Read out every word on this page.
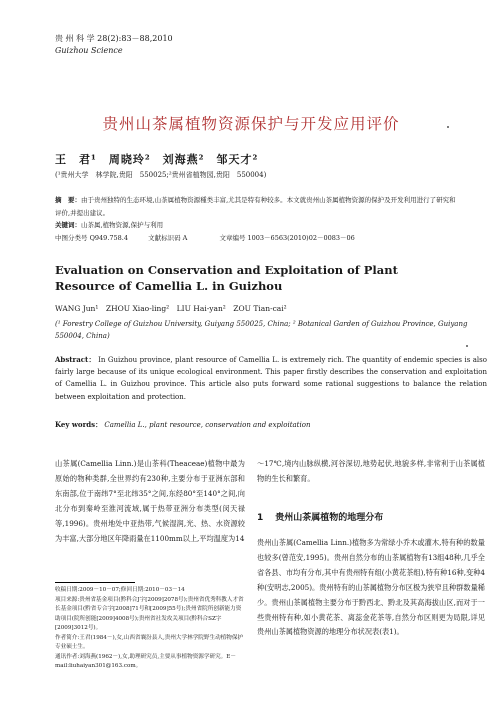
贵 州 科 学 28(2):83－88,2010
Guizhou Science
贵州山茶属植物资源保护与开发应用评价
王　君¹　周晓玲²　刘海燕²　邹天才²
(¹贵州大学　林学院,贵阳　550025;²贵州省植物园,贵阳　550004)
摘　要：由于贵州独特的生态环境,山茶属植物资源種类丰富,尤其是特有种较多。本文就贵州山茶属植物资源的保护及开发利用进行了研究和评价,并提出建议。
关键词：山茶属,植物资源,保护与利用
中图分类号 Q949.758.4	文献标识码 A	文章编号 1003－6563(2010)02－0083－06
Evaluation on Conservation and Exploitation of Plant Resource of Camellia L. in Guizhou
WANG Jun¹　ZHOU Xiao-ling²　LIU Hai-yan²　ZOU Tian-cai²
(¹ Forestry College of Guizhou University, Guiyang 550025, China; ² Botanical Garden of Guizhou Province, Guiyang 550004, China)
Abstract： In Guizhou province, plant resource of Camellia L. is extremely rich. The quantity of endemic species is also fairly large because of its unique ecological environment. This paper firstly describes the conservation and exploitation of Camellia L. in Guizhou province. This article also puts forward some rational suggestions to balance the relation between exploitation and protection.
Key words： Camellia L., plant resource, conservation and exploitation
山茶属(Camellia Linn.)是山茶科(Theaceae)植物中最为原始的物种类群,全世界约有230种,主要分布于亚洲东部和东南部,位于南纬7°至北纬35°之间,东经80°至140°之间,向北分布到秦岭至淮河流域,属于热带亚洲分布类型(闵天禄等,1996)。贵州地处中亚热带,气候湿润,光、热、水资源较为丰富,大部分地区年降雨量在1100mm以上,平均温度为14
～17℃,境内山脉纵横,河谷深切,地势起伏,地貌多样,非常利于山茶属植物的生长和繁育。
1 贵州山茶属植物的地理分布
贵州山茶属(Camellia Linn.)植物多为常绿小乔木或灌木,特有种的数量也较多(曾范安,1995)。贵州自然分布的山茶属植物有13组48种,几乎全省各县、市均有分布,其中有贵州特有组(小黄花茶组),特有种16种,变种4种(安明志,2005)。贵州特有的山茶属植物分布区极为狭窄且种群数量稀少。贵州山茶属植物主要分布于黔西北、黔北及其高海拔山区,而对于一些贵州特有种,如小黄花茶、离蕊金花茶等,自然分布区则更为局限,详见贵州山茶属植物资源的地理分布状况表(表1)。
收稿日期:2009－10－07;修回日期:2010－03－14
项目来源:贵州省基金项目(黔科合J字[2009]2078号);贵州省优秀科教人才省长基金项目(黔省专合字[2008]71号和[2009]55号);贵州省院所创新能力资助项目(院所创能[2009]4008号);贵州省社发攻关项目(黔科合SZ字[2009]3012号)。
作者简介:王君(1984－),女,山西省襄汾县人,贵州大学林学院野生动植物保护专业硕士生。
通讯作者:刘海燕(1962－),女,助理研究员,主要从事植物资源学研究。E－mail:liuhaiyan301@163.com。
